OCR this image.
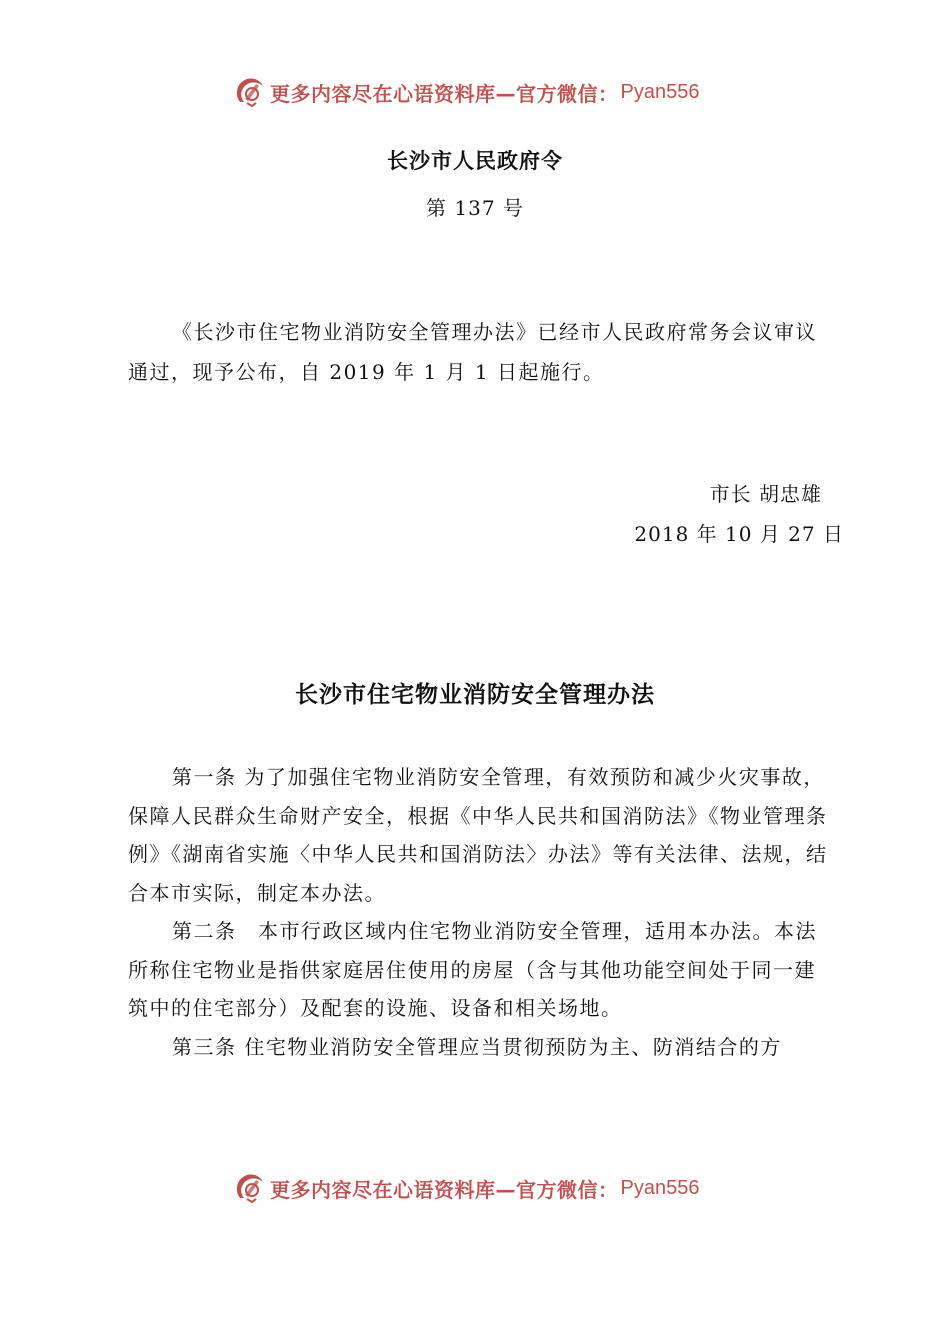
更多内容尽在心语资料库—官方微信： Pyan556
长沙市人民政府令
第 137 号

《长沙市住宅物业消防安全管理办法》已经市人民政府常务会议审议通过，现予公布，自 2019 年 1 月 1 日起施行。

市长 胡忠雄
2018 年 10 月 27 日
长沙市住宅物业消防安全管理办法

第一条 为了加强住宅物业消防安全管理，有效预防和减少火灾事故，保障人民群众生命财产安全，根据《中华人民共和国消防法》《物业管理条例》《湖南省实施〈中华人民共和国消防法〉办法》等有关法律、法规，结合本市实际，制定本办法。

第二条　本市行政区域内住宅物业消防安全管理，适用本办法。本法所称住宅物业是指供家庭居住使用的房屋（含与其他功能空间处于同一建筑中的住宅部分）及配套的设施、设备和相关场地。

第三条 住宅物业消防安全管理应当贯彻预防为主、防消结合的方

更多内容尽在心语资料库—官方微信： Pyan556
